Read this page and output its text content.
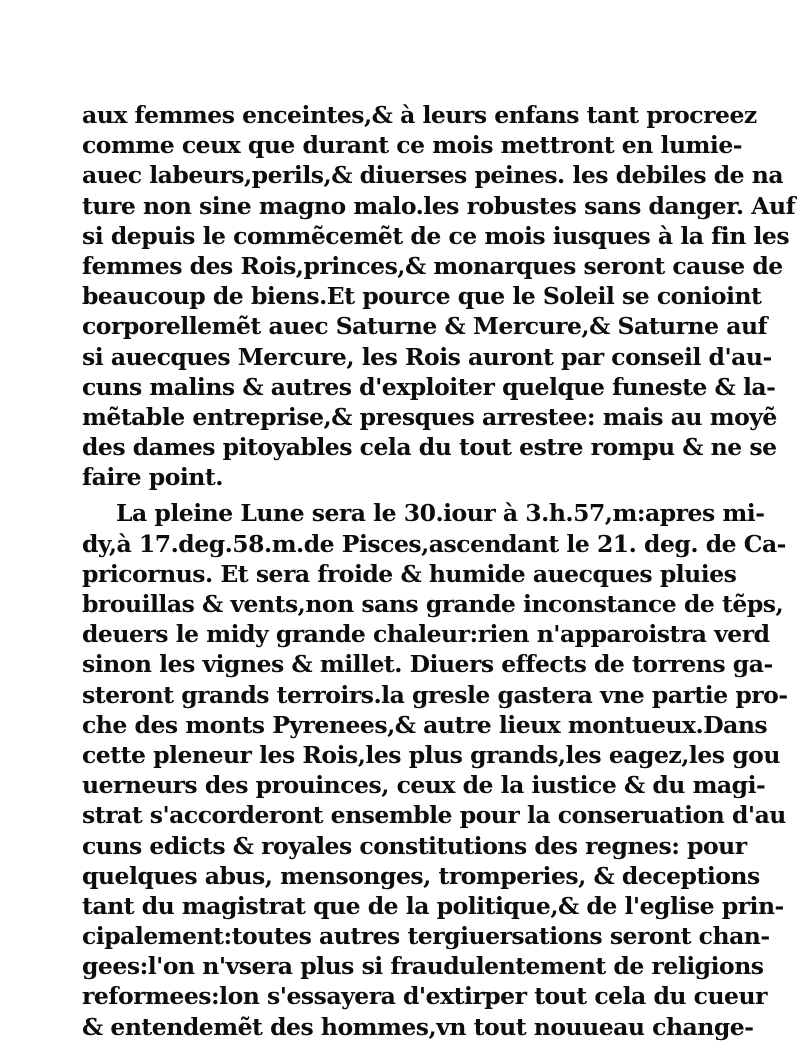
aux femmes enceintes,& à leurs enfans tant procreez
comme ceux que durant ce mois mettront en lumie-
auec labeurs,perils,& diuerses peines. les debiles de na
ture non sine magno malo.les robustes sans danger. Auf
si depuis le commẽcemẽt de ce mois iusques à la fin les
femmes des Rois,princes,& monarques seront cause de
beaucoup de biens.Et pource que le Soleil se conioint
corporellemẽt auec Saturne & Mercure,& Saturne auf
si auecques Mercure, les Rois auront par conseil d'au-
cuns malins & autres d'exploiter quelque funeste & la-
mẽtable entreprise,& presques arrestee: mais au moyẽ
des dames pitoyables cela du tout estre rompu & ne se
faire point.
La pleine Lune sera le 30.iour à 3.h.57,m:apres mi-
dy,à 17.deg.58.m.de Pisces,ascendant le 21. deg. de Ca-
pricornus. Et sera froide & humide auecques pluies
brouillas & vents,non sans grande inconstance de tẽps,
deuers le midy grande chaleur:rien n'apparoistra verd
sinon les vignes & millet. Diuers effects de torrens ga-
steront grands terroirs.la gresle gastera vne partie pro-
che des monts Pyrenees,& autre lieux montueux.Dans
cette pleneur les Rois,les plus grands,les eagez,les gou
uerneurs des prouinces, ceux de la iustice & du magi-
strat s'accorderont ensemble pour la conseruation d'au
cuns edicts & royales constitutions des regnes: pour
quelques abus, mensonges, tromperies, & deceptions
tant du magistrat que de la politique,& de l'eglise prin-
cipalement:toutes autres tergiuersations seront chan-
gees:l'on n'vsera plus si fraudulentement de religions
reformees:lon s'essayera d'extirper tout cela du cueur
& entendemẽt des hommes,vn tout nouueau change-
